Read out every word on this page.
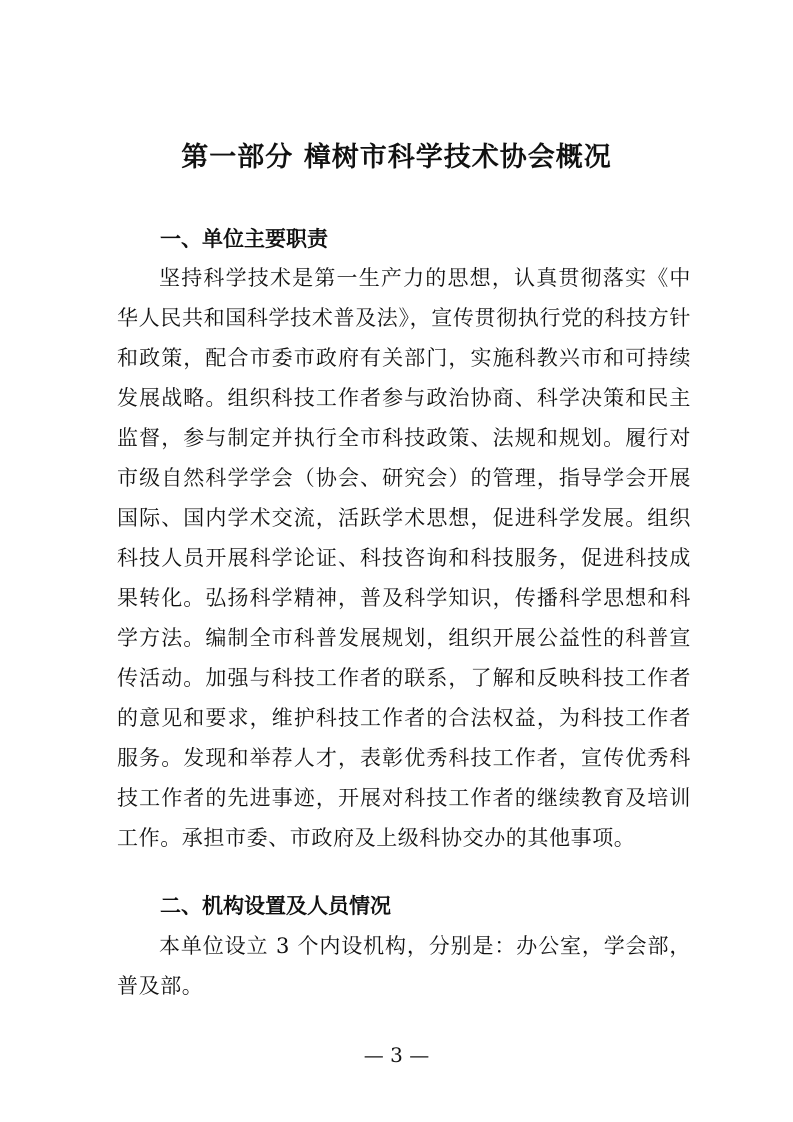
第一部分 樟树市科学技术协会概况
一、单位主要职责

坚持科学技术是第一生产力的思想，认真贯彻落实《中华人民共和国科学技术普及法》，宣传贯彻执行党的科技方针和政策，配合市委市政府有关部门，实施科教兴市和可持续发展战略。组织科技工作者参与政治协商、科学决策和民主监督，参与制定并执行全市科技政策、法规和规划。履行对市级自然科学学会（协会、研究会）的管理，指导学会开展国际、国内学术交流，活跃学术思想，促进科学发展。组织科技人员开展科学论证、科技咨询和科技服务，促进科技成果转化。弘扬科学精神，普及科学知识，传播科学思想和科学方法。编制全市科普发展规划，组织开展公益性的科普宣传活动。加强与科技工作者的联系，了解和反映科技工作者的意见和要求，维护科技工作者的合法权益，为科技工作者服务。发现和举荐人才，表彰优秀科技工作者，宣传优秀科技工作者的先进事迹，开展对科技工作者的继续教育及培训工作。承担市委、市政府及上级科协交办的其他事项。

二、机构设置及人员情况

本单位设立 3 个内设机构，分别是：办公室，学会部，普及部。

— 3 —
